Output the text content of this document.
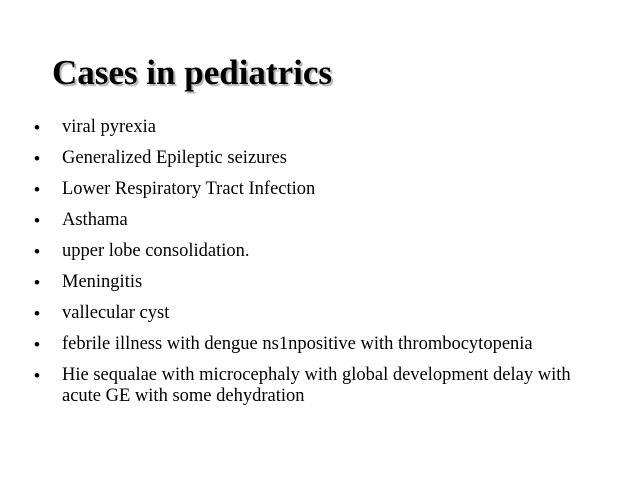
Cases in pediatrics
• viral pyrexia
• Generalized Epileptic seizures
• Lower Respiratory Tract Infection
• Asthama
• upper lobe consolidation.
• Meningitis
• vallecular cyst
• febrile illness with dengue ns1npositive with thrombocytopenia
• Hie sequalae with microcephaly with global development delay with acute GE with some dehydration
